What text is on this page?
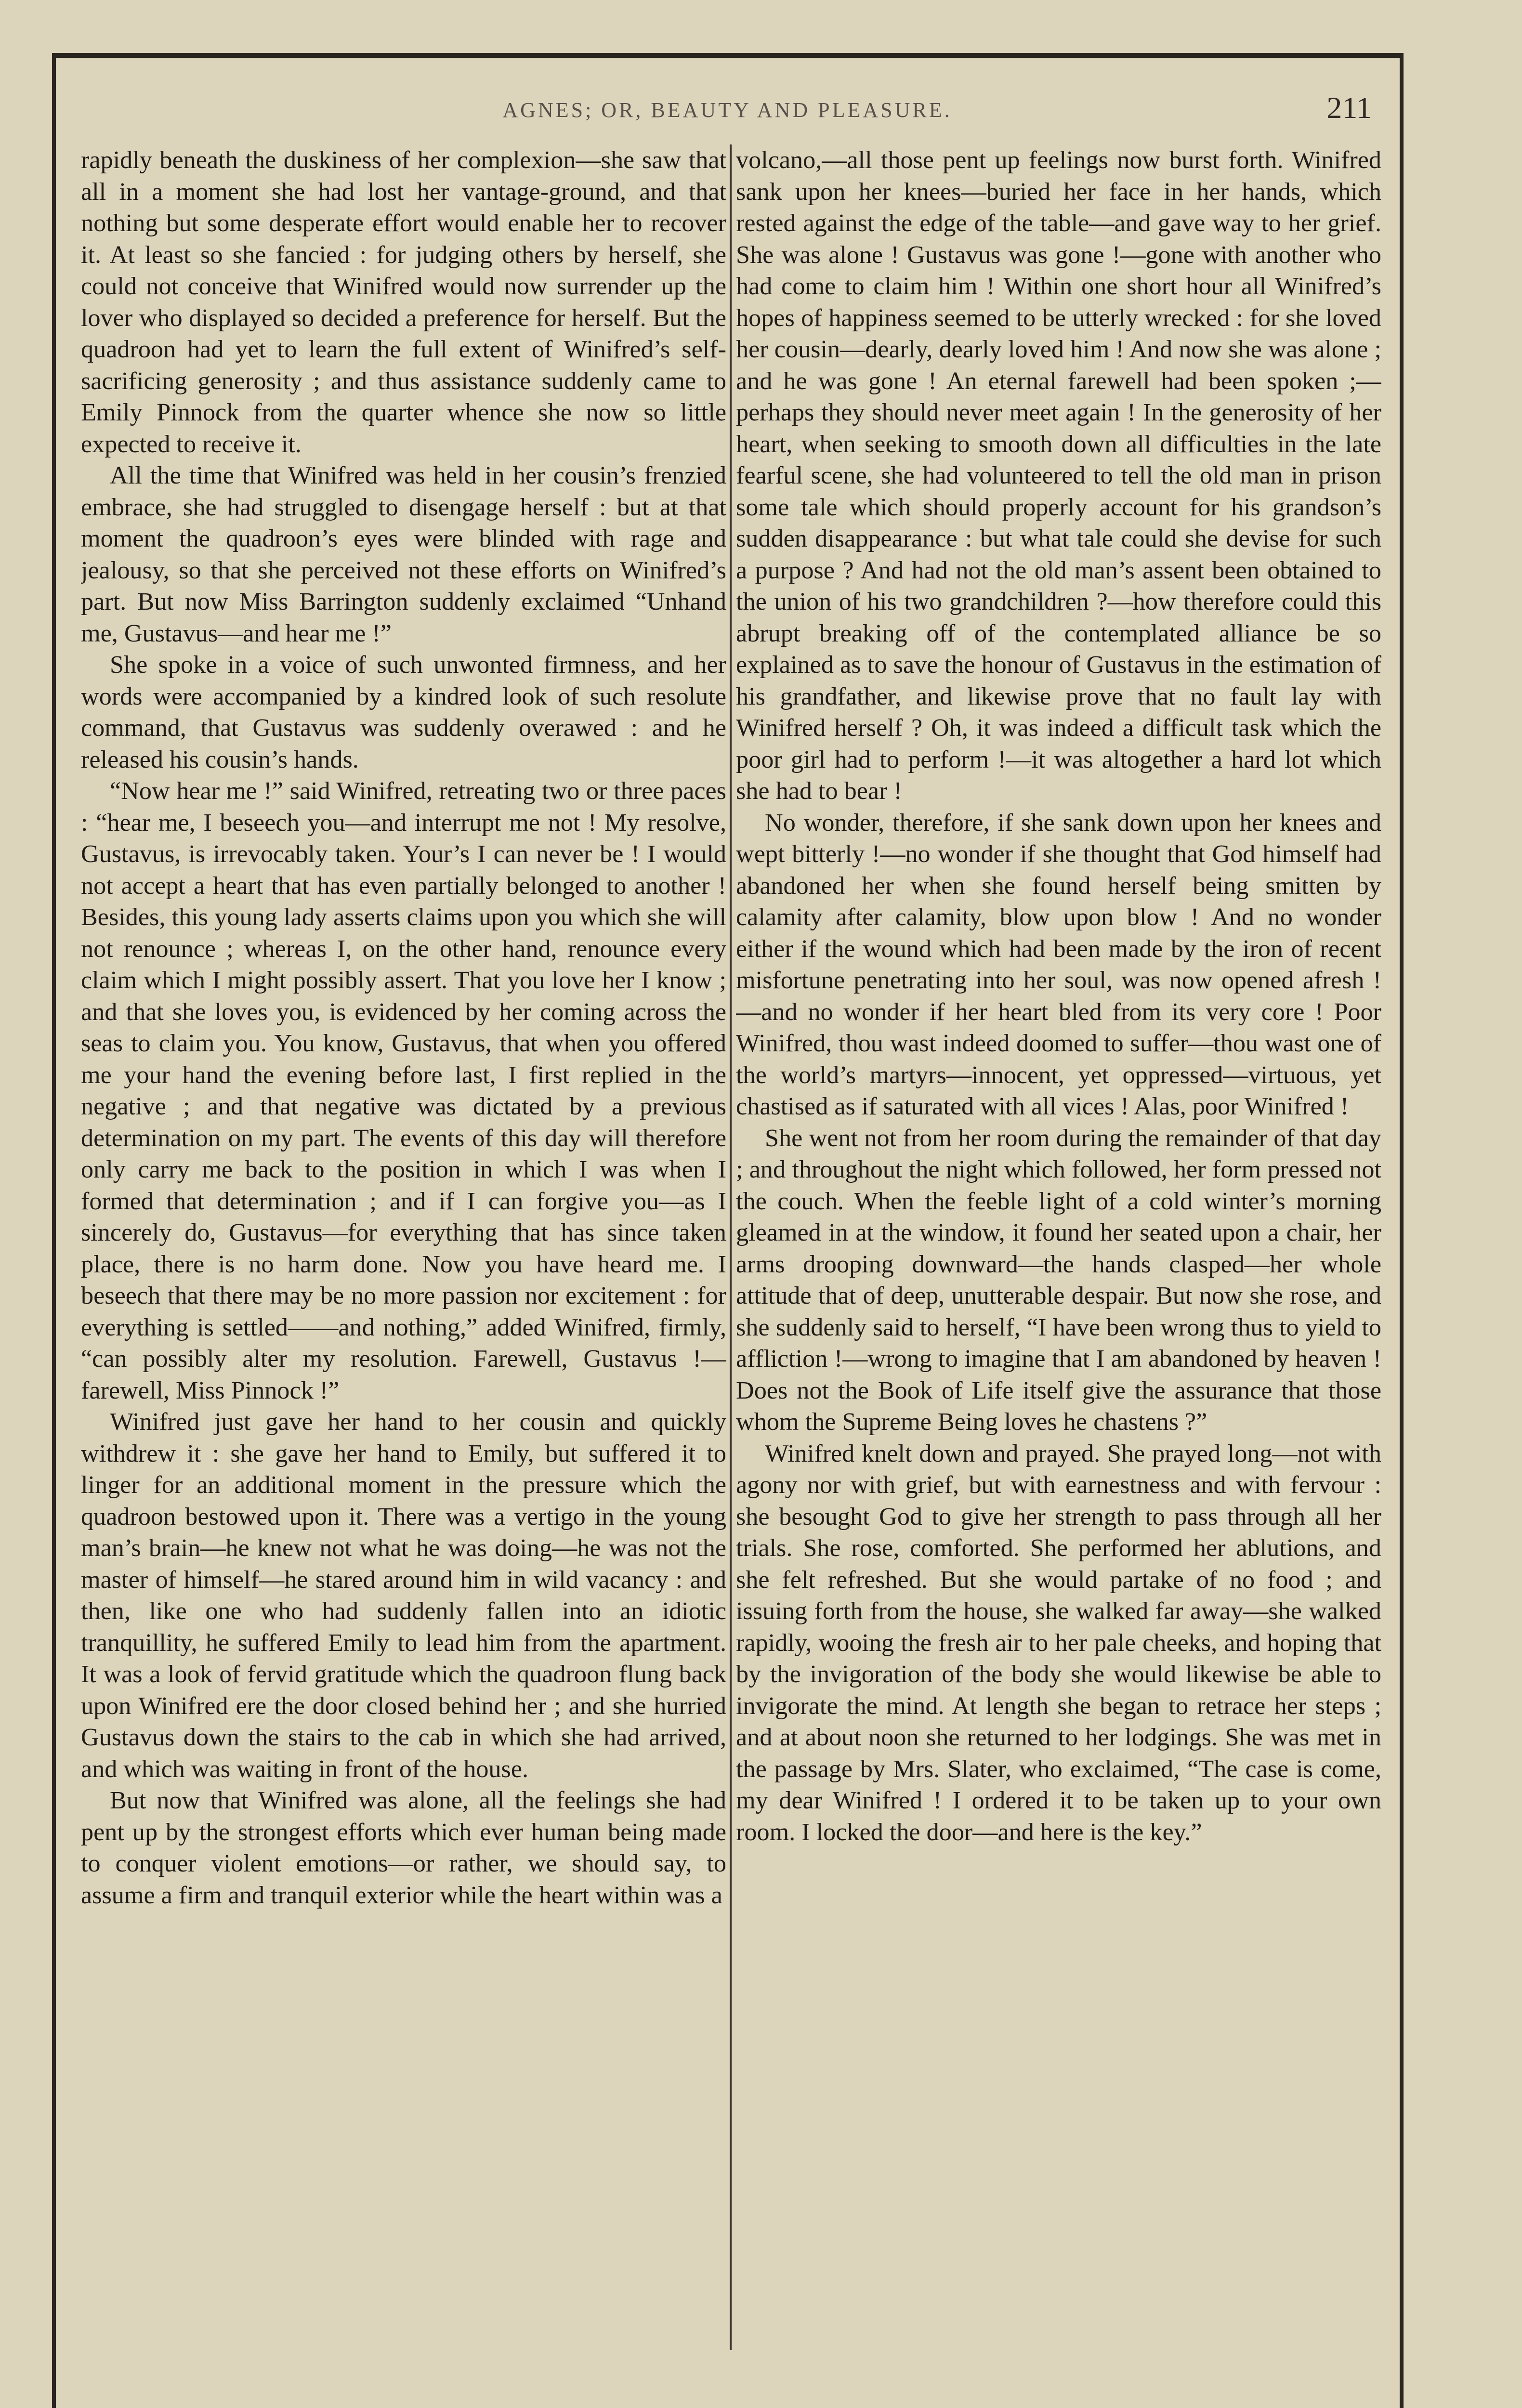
AGNES; OR, BEAUTY AND PLEASURE.	211

rapidly beneath the duskiness of her complexion—she saw that all in a moment she had lost her vantage-ground, and that nothing but some desperate effort would enable her to recover it. At least so she fancied : for judging others by herself, she could not conceive that Winifred would now surrender up the lover who displayed so decided a preference for herself. But the quadroon had yet to learn the full extent of Winifred’s self-sacrificing generosity ; and thus assistance suddenly came to Emily Pinnock from the quarter whence she now so little expected to receive it.

All the time that Winifred was held in her cousin’s frenzied embrace, she had struggled to disengage herself : but at that moment the quadroon’s eyes were blinded with rage and jealousy, so that she perceived not these efforts on Winifred’s part. But now Miss Barrington suddenly exclaimed “Unhand me, Gustavus—and hear me !”

She spoke in a voice of such unwonted firmness, and her words were accompanied by a kindred look of such resolute command, that Gustavus was suddenly overawed : and he released his cousin’s hands.

“Now hear me !” said Winifred, retreating two or three paces : “hear me, I beseech you—and interrupt me not ! My resolve, Gustavus, is irrevocably taken. Your’s I can never be ! I would not accept a heart that has even partially belonged to another ! Besides, this young lady asserts claims upon you which she will not renounce ; whereas I, on the other hand, renounce every claim which I might possibly assert. That you love her I know ; and that she loves you, is evidenced by her coming across the seas to claim you. You know, Gustavus, that when you offered me your hand the evening before last, I first replied in the negative ; and that negative was dictated by a previous determination on my part. The events of this day will therefore only carry me back to the position in which I was when I formed that determination ; and if I can forgive you—as I sincerely do, Gustavus—for everything that has since taken place, there is no harm done. Now you have heard me. I beseech that there may be no more passion nor excitement : for everything is settled——and nothing,” added Winifred, firmly, “can possibly alter my resolution. Farewell, Gustavus !—farewell, Miss Pinnock !”

Winifred just gave her hand to her cousin and quickly withdrew it : she gave her hand to Emily, but suffered it to linger for an additional moment in the pressure which the quadroon bestowed upon it. There was a vertigo in the young man’s brain—he knew not what he was doing—he was not the master of himself—he stared around him in wild vacancy : and then, like one who had suddenly fallen into an idiotic tranquillity, he suffered Emily to lead him from the apartment. It was a look of fervid gratitude which the quadroon flung back upon Winifred ere the door closed behind her ; and she hurried Gustavus down the stairs to the cab in which she had arrived, and which was waiting in front of the house.

But now that Winifred was alone, all the feelings she had pent up by the strongest efforts which ever human being made to conquer violent emotions—or rather, we should say, to assume a firm and tranquil exterior while the heart within was a

volcano,—all those pent up feelings now burst forth. Winifred sank upon her knees—buried her face in her hands, which rested against the edge of the table—and gave way to her grief. She was alone ! Gustavus was gone !—gone with another who had come to claim him ! Within one short hour all Winifred’s hopes of happiness seemed to be utterly wrecked : for she loved her cousin—dearly, dearly loved him ! And now she was alone ; and he was gone ! An eternal farewell had been spoken ;—perhaps they should never meet again ! In the generosity of her heart, when seeking to smooth down all difficulties in the late fearful scene, she had volunteered to tell the old man in prison some tale which should properly account for his grandson’s sudden disappearance : but what tale could she devise for such a purpose ? And had not the old man’s assent been obtained to the union of his two grandchildren ?—how therefore could this abrupt breaking off of the contemplated alliance be so explained as to save the honour of Gustavus in the estimation of his grandfather, and likewise prove that no fault lay with Winifred herself ? Oh, it was indeed a difficult task which the poor girl had to perform !—it was altogether a hard lot which she had to bear !

No wonder, therefore, if she sank down upon her knees and wept bitterly !—no wonder if she thought that God himself had abandoned her when she found herself being smitten by calamity after calamity, blow upon blow ! And no wonder either if the wound which had been made by the iron of recent misfortune penetrating into her soul, was now opened afresh !—and no wonder if her heart bled from its very core ! Poor Winifred, thou wast indeed doomed to suffer—thou wast one of the world’s martyrs—innocent, yet oppressed—virtuous, yet chastised as if saturated with all vices ! Alas, poor Winifred !

She went not from her room during the remainder of that day ; and throughout the night which followed, her form pressed not the couch. When the feeble light of a cold winter’s morning gleamed in at the window, it found her seated upon a chair, her arms drooping downward—the hands clasped—her whole attitude that of deep, unutterable despair. But now she rose, and she suddenly said to herself, “I have been wrong thus to yield to affliction !—wrong to imagine that I am abandoned by heaven ! Does not the Book of Life itself give the assurance that those whom the Supreme Being loves he chastens ?”

Winifred knelt down and prayed. She prayed long—not with agony nor with grief, but with earnestness and with fervour : she besought God to give her strength to pass through all her trials. She rose, comforted. She performed her ablutions, and she felt refreshed. But she would partake of no food ; and issuing forth from the house, she walked far away—she walked rapidly, wooing the fresh air to her pale cheeks, and hoping that by the invigoration of the body she would likewise be able to invigorate the mind. At length she began to retrace her steps ; and at about noon she returned to her lodgings. She was met in the passage by Mrs. Slater, who exclaimed, “The case is come, my dear Winifred ! I ordered it to be taken up to your own room. I locked the door—and here is the key.”
